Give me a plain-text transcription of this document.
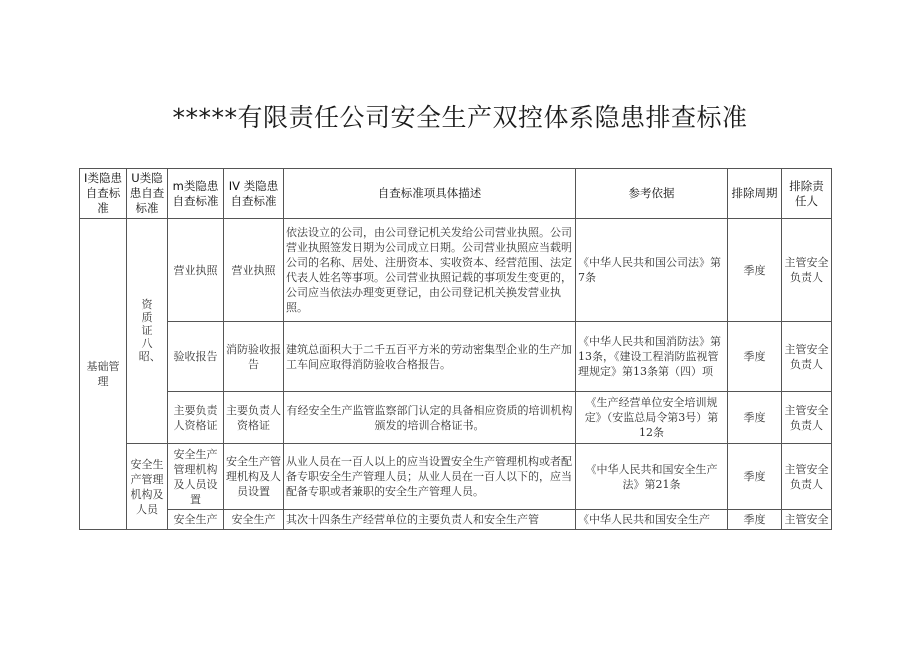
*****有限责任公司安全生产双控体系隐患排查标准
I类隐患自查标准	U类隐患自查标准	m类隐患自查标准	IV 类隐患自查标准	自查标准项具体描述	参考依据	排除周期	排除责任人
基础管理	资质证八昭、	营业执照	营业执照	依法设立的公司，由公司登记机关发给公司营业执照。公司营业执照签发日期为公司成立日期。公司营业执照应当载明公司的名称、居处、注册资本、实收资本、经营范围、法定代表人姓名等事项。公司营业执照记载的事项发生变更的，公司应当依法办理变更登记，由公司登记机关换发营业执照。	《中华人民共和国公司法》第7条	季度	主管安全负责人
		验收报告	消防验收报告	建筑总面积大于二千五百平方米的劳动密集型企业的生产加工车间应取得消防验收合格报告。	《中华人民共和国消防法》第13条，《建设工程消防监视管理规定》第13条第（四）项	季度	主管安全负责人
		主要负责人资格证	主要负责人资格证	有经安全生产监管监察部门认定的具备相应资质的培训机构颁发的培训合格证书。	《生产经营单位安全培训规定》（安监总局令第3号）第12条	季度	主管安全负责人
	安全生产管理机构及人员	安全生产管理机构及人员设置	安全生产管理机构及人员设置	从业人员在一百人以上的应当设置安全生产管理机构或者配备专职安全生产管理人员；从业人员在一百人以下的，应当配备专职或者兼职的安全生产管理人员。	《中华人民共和国安全生产法》第21条	季度	主管安全负责人
		安全生产	安全生产	其次十四条生产经营单位的主要负责人和安全生产管	《中华人民共和国安全生产	季度	主管安全
